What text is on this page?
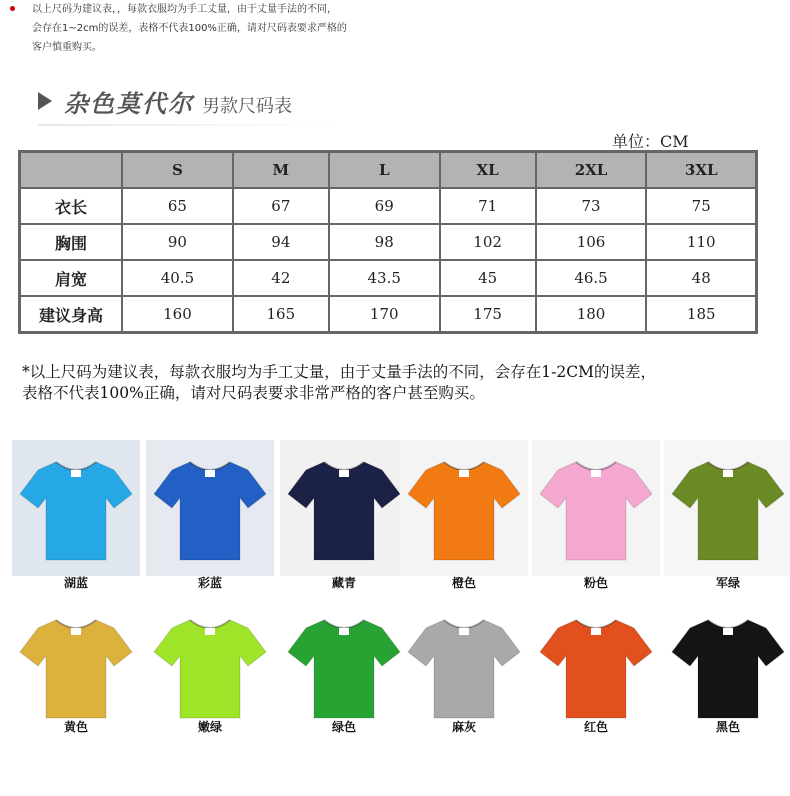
以上尺码为建议表，，每款衣服均为手工丈量，由于丈量手法的不同，
会存在1~2cm的误差，表格不代表100%正确，请对尺码表要求严格的
客户慎重购买。
杂色莫代尔 男款尺码表
单位：CM
	S	M	L	XL	2XL	3XL
衣长	65	67	69	71	73	75
胸围	90	94	98	102	106	110
肩宽	40.5	42	43.5	45	46.5	48
建议身高	160	165	170	175	180	185
*以上尺码为建议表，每款衣服均为手工丈量，由于丈量手法的不同，会存在1-2CM的误差，
表格不代表100%正确，请对尺码表要求非常严格的客户甚至购买。
湖蓝	彩蓝	藏青	橙色	粉色	军绿
黄色	嫩绿	绿色	麻灰	红色	黑色
